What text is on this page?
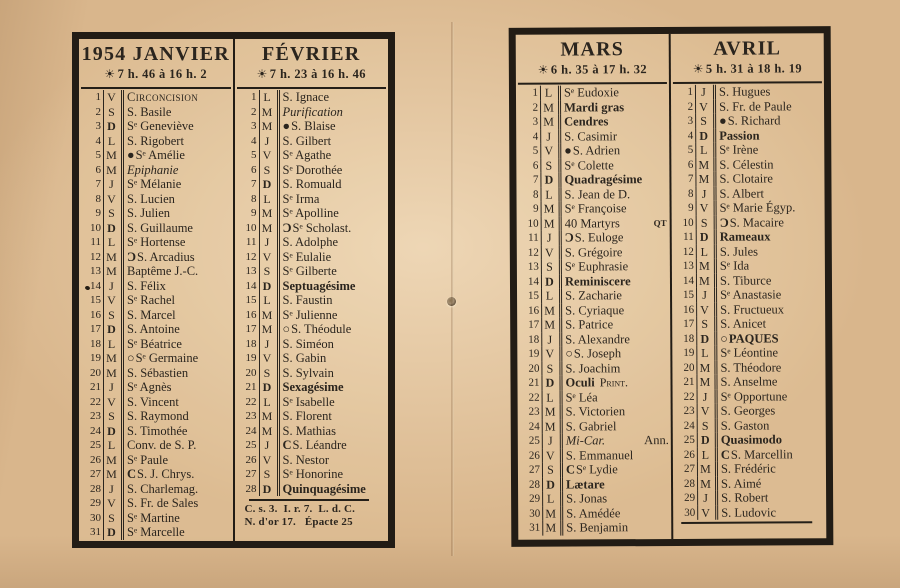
1954 JANVIER
☀ 7 h. 46 à 16 h. 2
1 V Circoncision
2 S S. Basile
3 D Sᵉ Geneviève
4 L S. Rigobert
5 M ● Sᵉ Amélie
6 M Epiphanie
7 J	Sᵉ Mélanie
8 V S. Lucien
9 S S. Julien
10 D S. Guillaume
11 L Sᵉ Hortense
12 M Ɔ S. Arcadius
13 M Baptême J.-C.
14 J	S. Félix
15 V Sᵉ Rachel
16 S S. Marcel
17 D S. Antoine
18 L Sᵉ Béatrice
19 M ○ Sᵉ Germaine
20 M S. Sébastien
21 J	Sᵉ Agnès
22 V S. Vincent
23 S S. Raymond
24 D S. Timothée
25 L Conv. de S. P.
26 M Sᵉ Paule
27 M C S. J. Chrys.
28 J	S. Charlemag.
29 V S. Fr. de Sales
30 S Sᵉ Martine
31 D Sᵉ Marcelle
FÉVRIER
☀ 7 h. 23 à 16 h. 46
1 L S. Ignace
2 M Purification
3 M ● S. Blaise
4 J	S. Gilbert
5 V Sᵉ Agathe
6 S Sᵉ Dorothée
7 D S. Romuald
8 L Sᵉ Irma
9 M Sᵉ Apolline
10 M Ɔ Sᵉ Scholast.
11 J	S. Adolphe
12 V Sᵉ Eulalie
13 S Sᵉ Gilberte
14 D Septuagésime
15 L S. Faustin
16 M Sᵉ Julienne
17 M ○ S. Théodule
18 J	S. Siméon
19 V S. Gabin
20 S S. Sylvain
21 D Sexagésime
22 L Sᵉ Isabelle
23 M S. Florent
24 M S. Mathias
25 J	C S. Léandre
26 V S. Nestor
27 S Sᵉ Honorine
28 D Quinquagésime
C. s. 3.  I. r. 7.  L. d. C.
N. d'or 17.   Épacte 25
MARS
☀ 6 h. 35 à 17 h. 32
1 L Sᵉ Eudoxie
2 M Mardi gras
3 M Cendres
4 J	S. Casimir
5 V ● S. Adrien
6 S Sᵉ Colette
7 D Quadragésime
8 L S. Jean de D.
9 M Sᵉ Françoise
10 M 40 Martyrs	QT
11 J	Ɔ S. Euloge
12 V S. Grégoire
13 S Sᵉ Euphrasie
14 D Reminiscere
15 L S. Zacharie
16 M S. Cyriaque
17 M S. Patrice
18 J	S. Alexandre
19 V ○ S. Joseph
20 S S. Joachim
21 D Oculi Print.
22 L Sᵉ Léa
23 M S. Victorien
24 M S. Gabriel
25 J	Mi-Car.	Ann.
26 V S. Emmanuel
27 S C Sᵉ Lydie
28 D Lætare
29 L S. Jonas
30 M S. Amédée
31 M S. Benjamin
AVRIL
☀ 5 h. 31 à 18 h. 19
1 J	S. Hugues
2 V S. Fr. de Paule
3 S ● S. Richard
4 D Passion
5 L Sᵉ Irène
6 M S. Célestin
7 M S. Clotaire
8 J	S. Albert
9 V Sᵉ Marie Égyp.
10 S Ɔ S. Macaire
11 D Rameaux
12 L S. Jules
13 M Sᵉ Ida
14 M S. Tiburce
15 J	Sᵉ Anastasie
16 V S. Fructueux
17 S S. Anicet
18 D ○ PAQUES
19 L Sᵉ Léontine
20 M S. Théodore
21 M S. Anselme
22 J	Sᵉ Opportune
23 V S. Georges
24 S S. Gaston
25 D Quasimodo
26 L C S. Marcellin
27 M S. Frédéric
28 M S. Aimé
29 J	S. Robert
30 V S. Ludovic
